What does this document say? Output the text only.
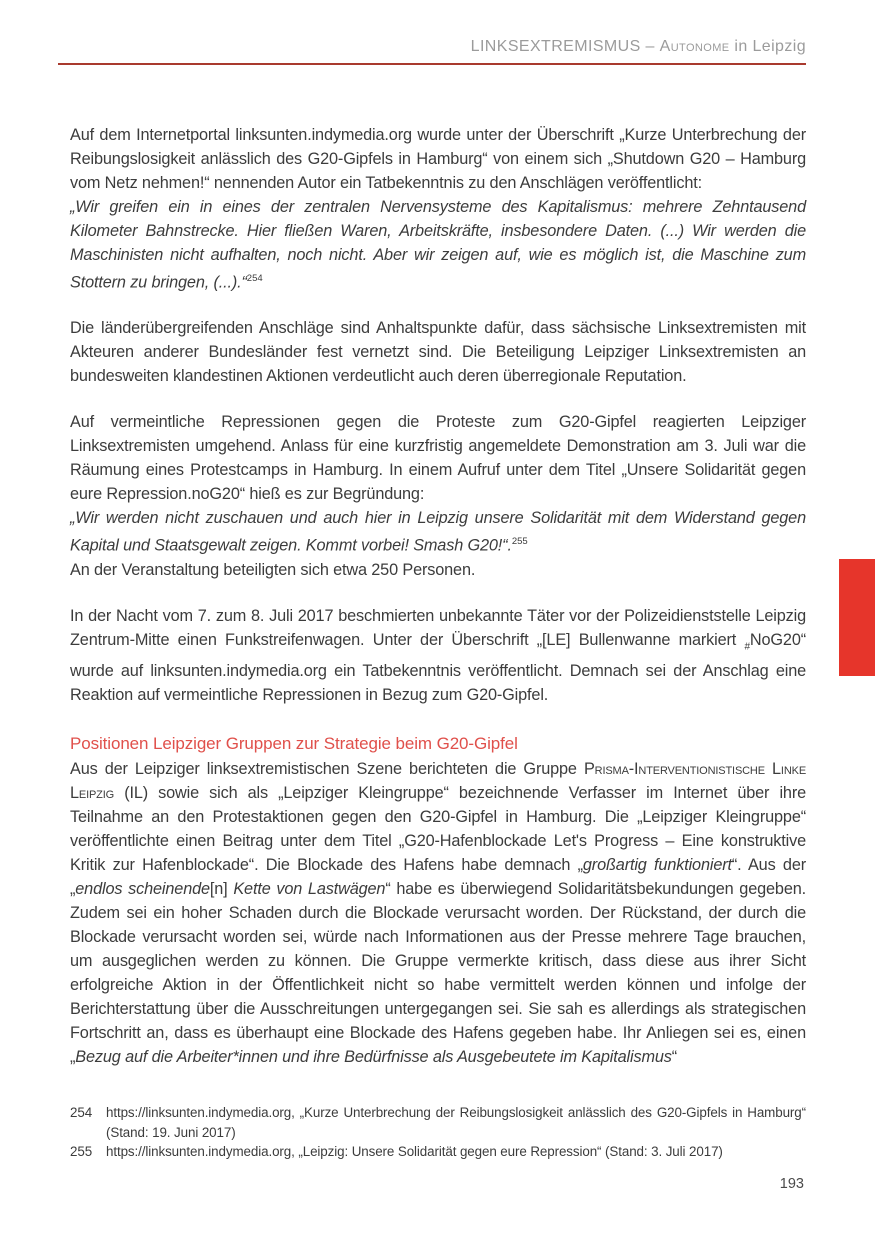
LINKSEXTREMISMUS – Autonome in Leipzig

Auf dem Internetportal linksunten.indymedia.org wurde unter der Überschrift „Kurze Unterbrechung der Reibungslosigkeit anlässlich des G20-Gipfels in Hamburg“ von einem sich „Shutdown G20 – Hamburg vom Netz nehmen!“ nennenden Autor ein Tatbekenntnis zu den Anschlägen veröffentlicht:

„Wir greifen ein in eines der zentralen Nervensysteme des Kapitalismus: mehrere Zehntausend Kilometer Bahnstrecke. Hier fließen Waren, Arbeitskräfte, insbesondere Daten. (...) Wir werden die Maschinisten nicht aufhalten, noch nicht. Aber wir zeigen auf, wie es möglich ist, die Maschine zum Stottern zu bringen, (...).“$^{254}$

Die länderübergreifenden Anschläge sind Anhaltspunkte dafür, dass sächsische Linksextremisten mit Akteuren anderer Bundesländer fest vernetzt sind. Die Beteiligung Leipziger Linksextremisten an bundesweiten klandestinen Aktionen verdeutlicht auch deren überregionale Reputation.

Auf vermeintliche Repressionen gegen die Proteste zum G20-Gipfel reagierten Leipziger Linksextremisten umgehend. Anlass für eine kurzfristig angemeldete Demonstration am 3. Juli war die Räumung eines Protestcamps in Hamburg. In einem Aufruf unter dem Titel „Unsere Solidarität gegen eure Repression.noG20“ hieß es zur Begründung:

„Wir werden nicht zuschauen und auch hier in Leipzig unsere Solidarität mit dem Widerstand gegen Kapital und Staatsgewalt zeigen. Kommt vorbei! Smash G20!“.$^{255}$

An der Veranstaltung beteiligten sich etwa 250 Personen.

In der Nacht vom 7. zum 8. Juli 2017 beschmierten unbekannte Täter vor der Polizeidienststelle Leipzig Zentrum-Mitte einen Funkstreifenwagen. Unter der Überschrift „[LE] Bullenwanne markiert $_{\#}$NoG20“ wurde auf linksunten.indymedia.org ein Tatbekenntnis veröffentlicht. Demnach sei der Anschlag eine Reaktion auf vermeintliche Repressionen in Bezug zum G20-Gipfel.

Positionen Leipziger Gruppen zur Strategie beim G20-Gipfel

Aus der Leipziger linksextremistischen Szene berichteten die Gruppe Prisma-Interventionistische Linke Leipzig (IL) sowie sich als „Leipziger Kleingruppe“ bezeichnende Verfasser im Internet über ihre Teilnahme an den Protestaktionen gegen den G20-Gipfel in Hamburg. Die „Leipziger Kleingruppe“ veröffentlichte einen Beitrag unter dem Titel „G20-Hafenblockade Let's Progress – Eine konstruktive Kritik zur Hafenblockade“. Die Blockade des Hafens habe demnach „großartig funktioniert“. Aus der „endlos scheinende[n] Kette von Lastwägen“ habe es überwiegend Solidaritätsbekundungen gegeben. Zudem sei ein hoher Schaden durch die Blockade verursacht worden. Der Rückstand, der durch die Blockade verursacht worden sei, würde nach Informationen aus der Presse mehrere Tage brauchen, um ausgeglichen werden zu können. Die Gruppe vermerkte kritisch, dass diese aus ihrer Sicht erfolgreiche Aktion in der Öffentlichkeit nicht so habe vermittelt werden können und infolge der Berichterstattung über die Ausschreitungen untergegangen sei. Sie sah es allerdings als strategischen Fortschritt an, dass es überhaupt eine Blockade des Hafens gegeben habe. Ihr Anliegen sei es, einen „Bezug auf die Arbeiter*innen und ihre Bedürfnisse als Ausgebeutete im Kapitalismus“

254	https://linksunten.indymedia.org, „Kurze Unterbrechung der Reibungslosigkeit anlässlich des G20-Gipfels in Hamburg“ (Stand: 19. Juni 2017)
255	https://linksunten.indymedia.org, „Leipzig: Unsere Solidarität gegen eure Repression“ (Stand: 3. Juli 2017)
193
